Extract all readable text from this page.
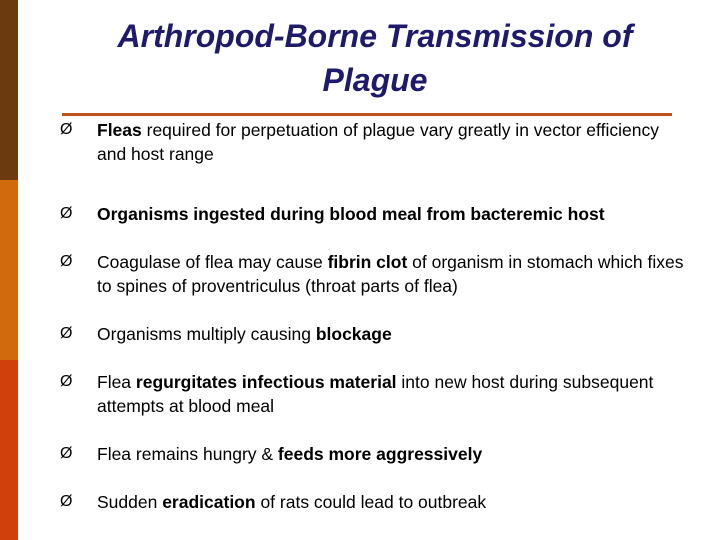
Arthropod-Borne Transmission of
Plague
Ø	Fleas required for perpetuation of plague vary greatly in vector efficiency and host range
Ø	Organisms ingested during blood meal from bacteremic host
Ø	Coagulase of flea may cause fibrin clot of organism in stomach which fixes to spines of proventriculus (throat parts of flea)
Ø	Organisms multiply causing blockage
Ø	Flea regurgitates infectious material into new host during subsequent attempts at blood meal
Ø	Flea remains hungry & feeds more aggressively
Ø	Sudden eradication of rats could lead to outbreak
